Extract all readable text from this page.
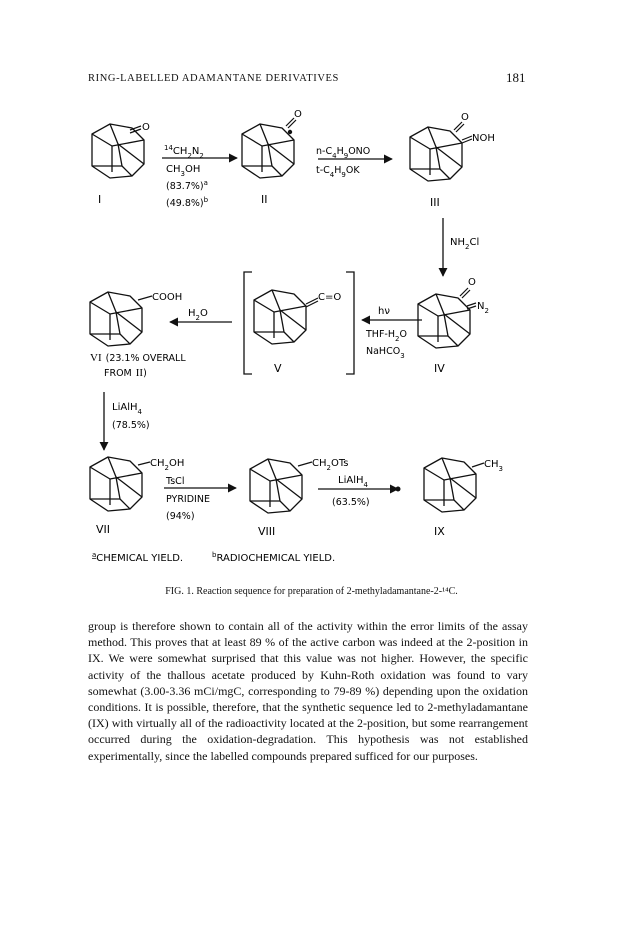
RING-LABELLED ADAMANTANE DERIVATIVES	181
O
I
$^{14}CH_2N_2$
$CH_3OH$
$(83.7\%)^a$
$(49.8\%)^b$
O
II
$n-C_4H_9ONO$
$t-C_4H_9OK$
O
NOH
III
$NH_2Cl$
O
$N_2$
IV
hν
THF-$H_2O$
NaHCO$_3$
C=O
V
$H_2O$
COOH
VI (23.1% OVERALL
FROM II)
LiAlH$_4$
(78.5%)
$CH_2OH$
VII
TsCl
PYRIDINE
(94%)
$CH_2OTs$
VIII
LiAlH$_4$
(63.5%)
$CH_3$
IX
$^a$CHEMICAL YIELD.	$^b$RADIOCHEMICAL YIELD.
FIG. 1. Reaction sequence for preparation of 2-methyladamantane-2-¹⁴C.

group is therefore shown to contain all of the activity within the error limits of the assay method. This proves that at least 89 % of the active carbon was indeed at the 2-position in IX. We were somewhat surprised that this value was not higher. However, the specific activity of the thallous acetate produced by Kuhn-Roth oxidation was found to vary somewhat (3.00-3.36 mCi/mgC, corresponding to 79-89 %) depending upon the oxidation conditions. It is possible, therefore, that the synthetic sequence led to 2-methyladamantane (IX) with virtually all of the radioactivity located at the 2-position, but some rearrangement occurred during the oxidation-degradation. This hypothesis was not established experimentally, since the labelled compounds prepared sufficed for our purposes.
